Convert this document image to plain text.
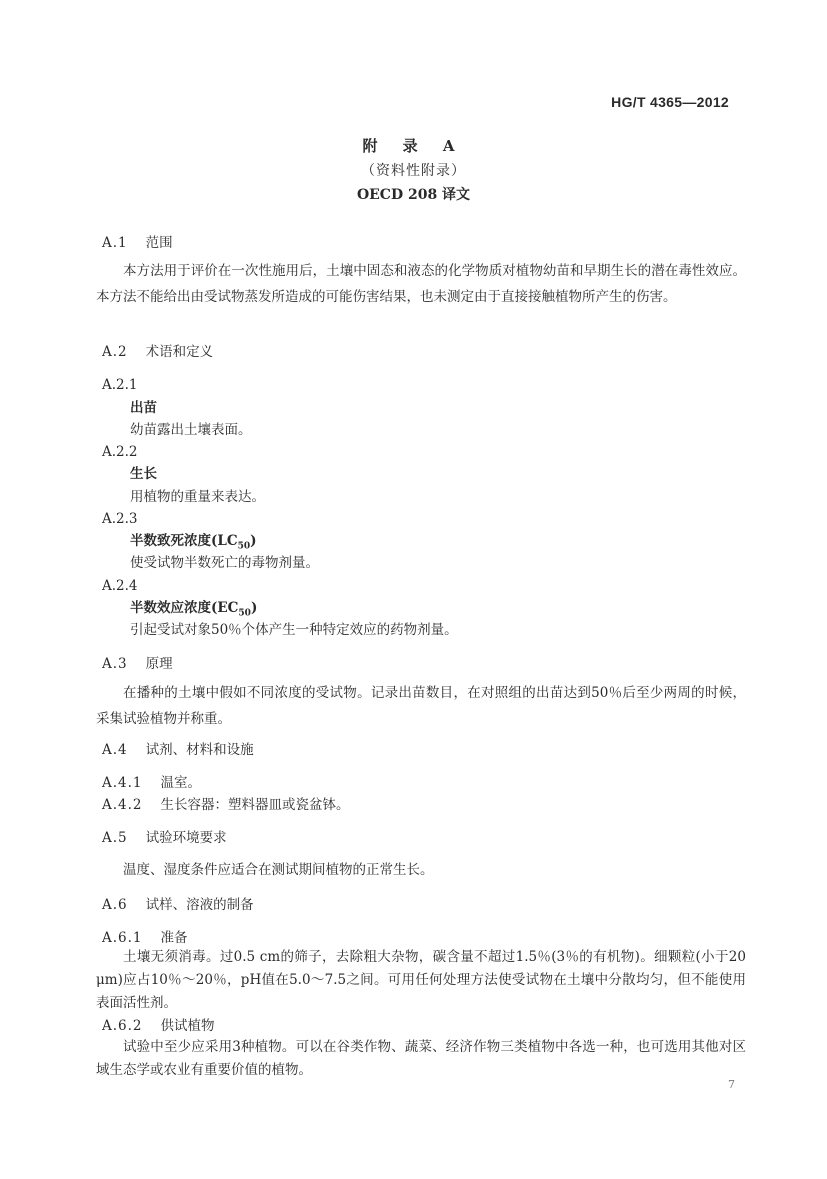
HG/T 4365—2012
附 录 A
（资料性附录）
OECD 208 译文
A.1 范围
本方法用于评价在一次性施用后，土壤中固态和液态的化学物质对植物幼苗和早期生长的潜在毒性效应。本方法不能给出由受试物蒸发所造成的可能伤害结果，也未测定由于直接接触植物所产生的伤害。
A.2 术语和定义
A.2.1
出苗
幼苗露出土壤表面。
A.2.2
生长
用植物的重量来表达。
A.2.3
半数致死浓度$(LC_{50})$
使受试物半数死亡的毒物剂量。
A.2.4
半数效应浓度$(EC_{50})$
引起受试对象50％个体产生一种特定效应的药物剂量。
A.3 原理
在播种的土壤中假如不同浓度的受试物。记录出苗数目，在对照组的出苗达到50％后至少两周的时候，采集试验植物并称重。
A.4 试剂、材料和设施
A.4.1 温室。
A.4.2 生长容器：塑料器皿或瓷盆钵。
A.5 试验环境要求
温度、湿度条件应适合在测试期间植物的正常生长。
A.6 试样、溶液的制备
A.6.1 准备
土壤无须消毒。过0.5 cm的筛子，去除粗大杂物，碳含量不超过1.5％(3％的有机物)。细颗粒(小于20 μm)应占10％～20％，pH值在5.0～7.5之间。可用任何处理方法使受试物在土壤中分散均匀，但不能使用表面活性剂。
A.6.2 供试植物
试验中至少应采用3种植物。可以在谷类作物、蔬菜、经济作物三类植物中各选一种，也可选用其他对区域生态学或农业有重要价值的植物。
7
